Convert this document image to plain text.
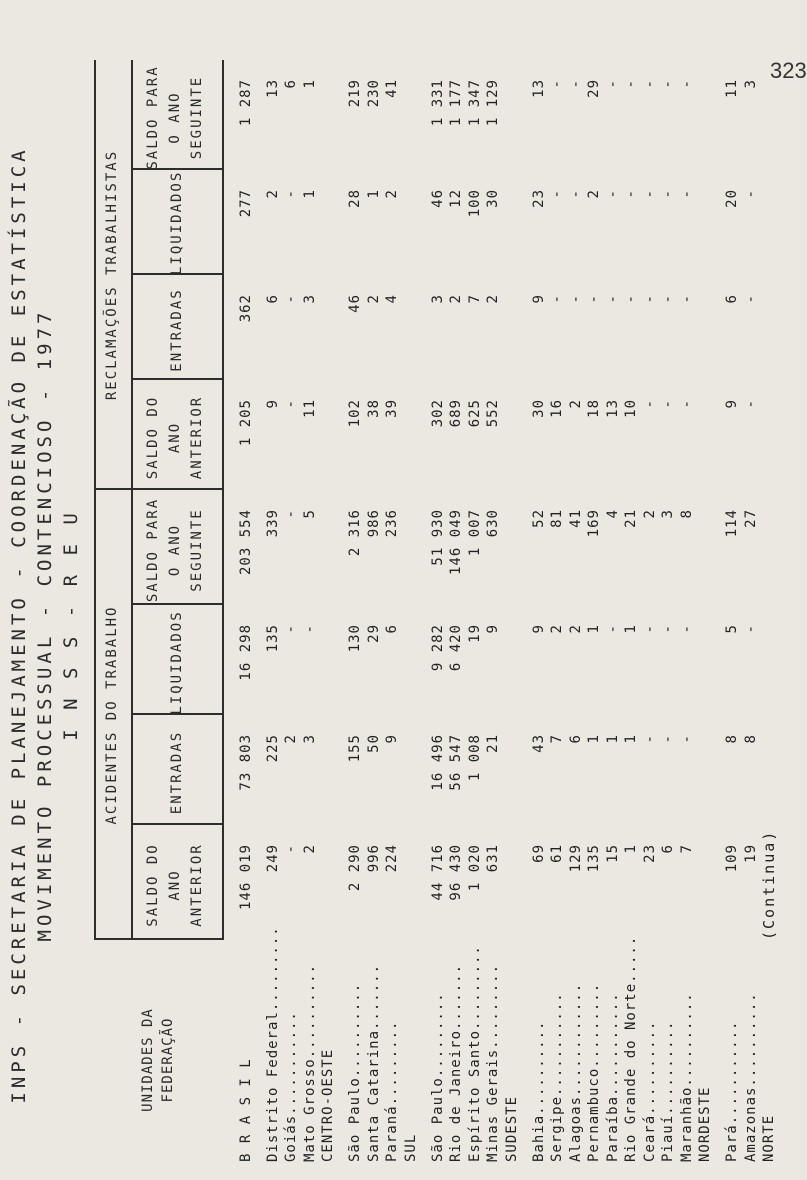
323
INPS - SECRETARIA DE PLANEJAMENTO - COORDENAÇÃO DE ESTATÍSTICA MOVIMENTO PROCESSUAL - CONTENCIOSO - 1977 I N S S - R E U
UNIDADES DA FEDERAÇÃO
ACIDENTES DO TRABALHO
RECLAMAÇÕES TRABALHISTAS
SALDO DO ANO ANTERIOR
ENTRADAS
LIQUIDADOS
SALDO PARA O ANO SEGUINTE
SALDO DO ANO ANTERIOR
ENTRADAS
LIQUIDADOS
SALDO PARA O ANO SEGUINTE
B R A S I L
146 019
73 803
16 298
203 554
1 205
362
277
1 287
Distrito Federal.........
249
225
135
339
9
6
2
13
Goiás...........
-
2
-
-
-
-
-
6
Mato Grosso..........
2
3
-
5
11
3
1
1
CENTRO-OESTE São Paulo..........
2 290
155
130
2 316
102
46
28
219
Santa Catarina.......
996
50
29
986
38
2
1
230
Paraná.........
224
9
6
236
39
4
2
41
SUL São Paulo.........
44 716
16 496
9 282
51 930
302
3
46
1 331
Rio de Janeiro.......
96 430
56 547
6 420
146 049
689
2
12
1 177
Espírito Santo.........
1 020
1 008
19
1 007
625
7
100
1 347
Minas Gerais.........
631
21
9
630
552
2
30
1 129
SUDESTE Bahia..........
69
43
9
52
30
9
23
13
Sergipe...........
61
7
2
81
16
-
-
-
Alagoas............
129
6
2
41
2
-
-
-
Pernambuco.........
135
1
1
169
18
-
2
29
Paraíba...........
15
1
-
4
13
-
-
-
Rio Grande do Norte.....
1
1
1
21
10
-
-
-
Ceará..........
23
-
-
2
-
-
-
-
Piauí..........
6
-
-
3
-
-
-
-
Maranhão..........
7
-
-
8
-
-
-
-
NORDESTE Pará...........
109
8
5
114
9
6
20
11
Amazonas..........
19
8
-
27
-
-
-
3
NORTE
(Continua)
